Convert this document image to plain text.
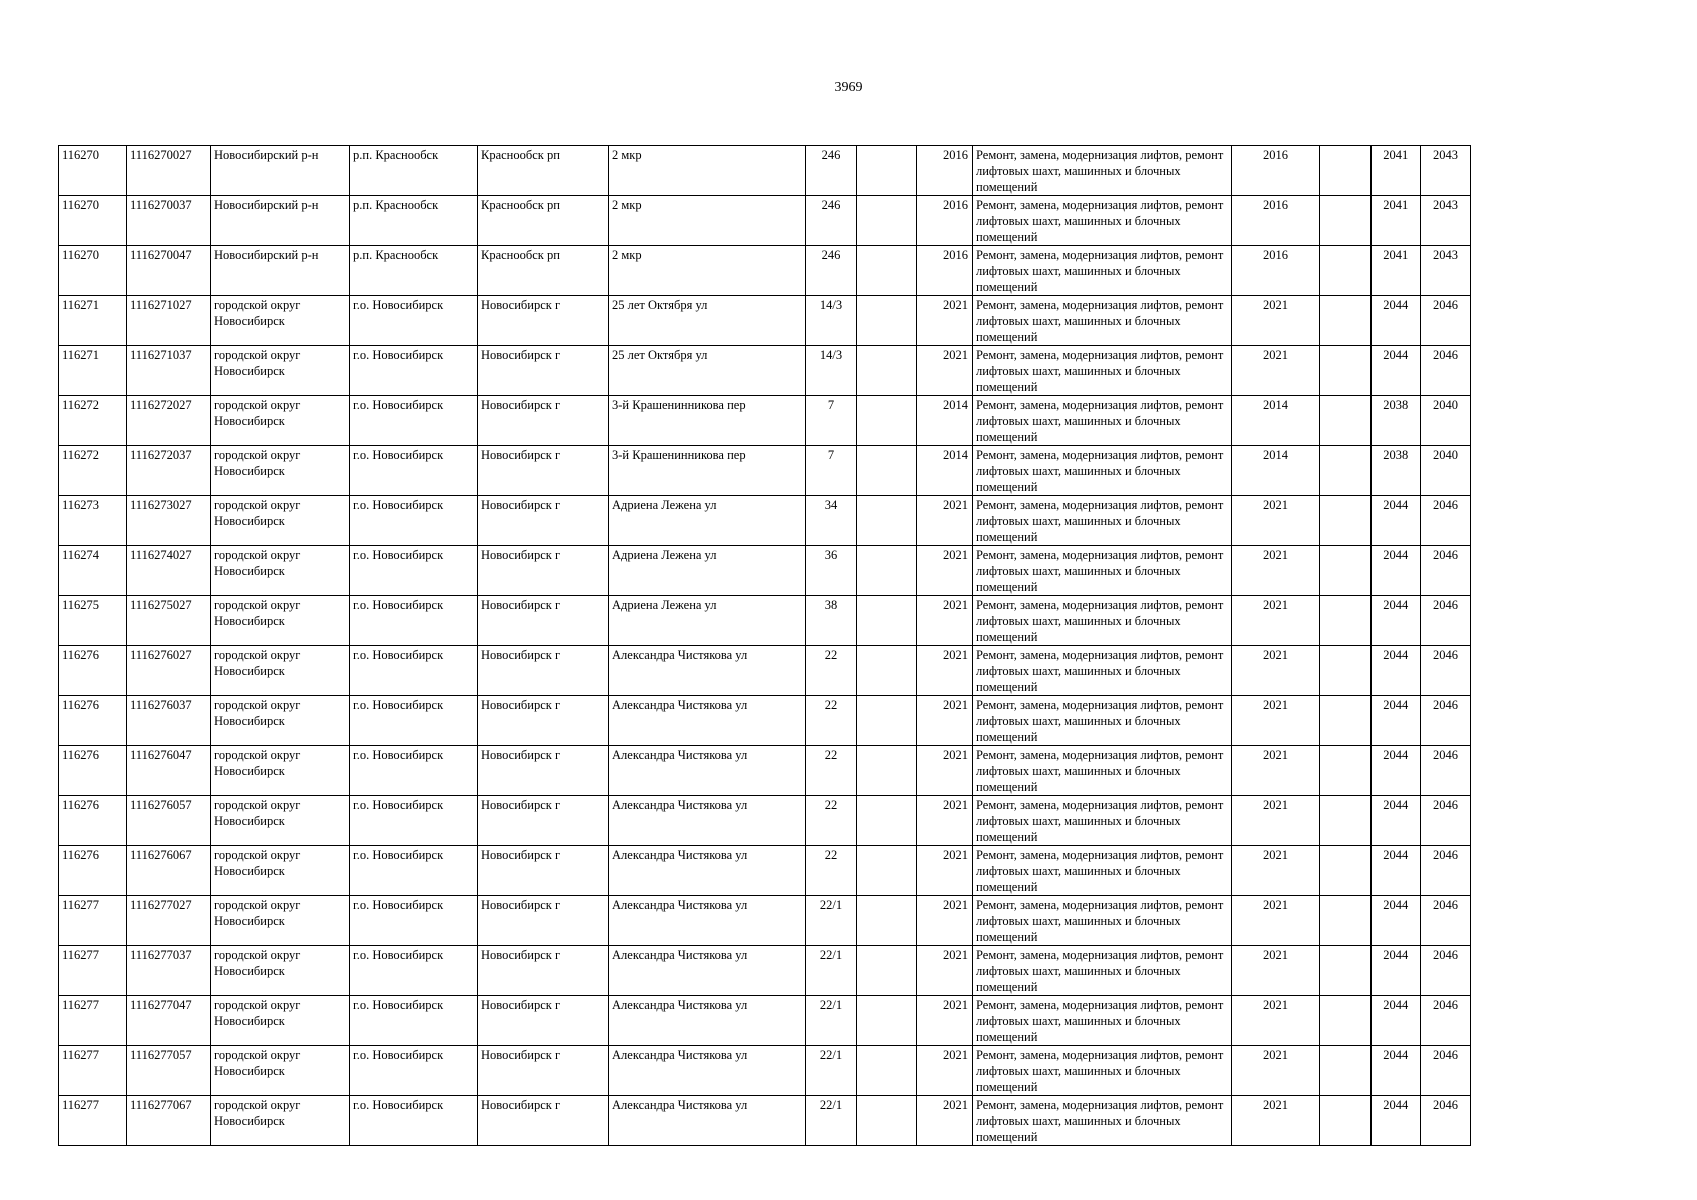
3969
116270	1116270027	Новосибирский р-н	р.п. Краснообск	Краснообск рп	2 мкр	246		2016	Ремонт, замена, модернизация лифтов, ремонт лифтовых шахт, машинных и блочных помещений	2016		2041	2043
116270	1116270037	Новосибирский р-н	р.п. Краснообск	Краснообск рп	2 мкр	246		2016	Ремонт, замена, модернизация лифтов, ремонт лифтовых шахт, машинных и блочных помещений	2016		2041	2043
116270	1116270047	Новосибирский р-н	р.п. Краснообск	Краснообск рп	2 мкр	246		2016	Ремонт, замена, модернизация лифтов, ремонт лифтовых шахт, машинных и блочных помещений	2016		2041	2043
116271	1116271027	городской округ Новосибирск	г.о. Новосибирск	Новосибирск г	25 лет Октября ул	14/3		2021	Ремонт, замена, модернизация лифтов, ремонт лифтовых шахт, машинных и блочных помещений	2021		2044	2046
116271	1116271037	городской округ Новосибирск	г.о. Новосибирск	Новосибирск г	25 лет Октября ул	14/3		2021	Ремонт, замена, модернизация лифтов, ремонт лифтовых шахт, машинных и блочных помещений	2021		2044	2046
116272	1116272027	городской округ Новосибирск	г.о. Новосибирск	Новосибирск г	3-й Крашенинникова пер	7		2014	Ремонт, замена, модернизация лифтов, ремонт лифтовых шахт, машинных и блочных помещений	2014		2038	2040
116272	1116272037	городской округ Новосибирск	г.о. Новосибирск	Новосибирск г	3-й Крашенинникова пер	7		2014	Ремонт, замена, модернизация лифтов, ремонт лифтовых шахт, машинных и блочных помещений	2014		2038	2040
116273	1116273027	городской округ Новосибирск	г.о. Новосибирск	Новосибирск г	Адриена Лежена ул	34		2021	Ремонт, замена, модернизация лифтов, ремонт лифтовых шахт, машинных и блочных помещений	2021		2044	2046
116274	1116274027	городской округ Новосибирск	г.о. Новосибирск	Новосибирск г	Адриена Лежена ул	36		2021	Ремонт, замена, модернизация лифтов, ремонт лифтовых шахт, машинных и блочных помещений	2021		2044	2046
116275	1116275027	городской округ Новосибирск	г.о. Новосибирск	Новосибирск г	Адриена Лежена ул	38		2021	Ремонт, замена, модернизация лифтов, ремонт лифтовых шахт, машинных и блочных помещений	2021		2044	2046
116276	1116276027	городской округ Новосибирск	г.о. Новосибирск	Новосибирск г	Александра Чистякова ул	22		2021	Ремонт, замена, модернизация лифтов, ремонт лифтовых шахт, машинных и блочных помещений	2021		2044	2046
116276	1116276037	городской округ Новосибирск	г.о. Новосибирск	Новосибирск г	Александра Чистякова ул	22		2021	Ремонт, замена, модернизация лифтов, ремонт лифтовых шахт, машинных и блочных помещений	2021		2044	2046
116276	1116276047	городской округ Новосибирск	г.о. Новосибирск	Новосибирск г	Александра Чистякова ул	22		2021	Ремонт, замена, модернизация лифтов, ремонт лифтовых шахт, машинных и блочных помещений	2021		2044	2046
116276	1116276057	городской округ Новосибирск	г.о. Новосибирск	Новосибирск г	Александра Чистякова ул	22		2021	Ремонт, замена, модернизация лифтов, ремонт лифтовых шахт, машинных и блочных помещений	2021		2044	2046
116276	1116276067	городской округ Новосибирск	г.о. Новосибирск	Новосибирск г	Александра Чистякова ул	22		2021	Ремонт, замена, модернизация лифтов, ремонт лифтовых шахт, машинных и блочных помещений	2021		2044	2046
116277	1116277027	городской округ Новосибирск	г.о. Новосибирск	Новосибирск г	Александра Чистякова ул	22/1		2021	Ремонт, замена, модернизация лифтов, ремонт лифтовых шахт, машинных и блочных помещений	2021		2044	2046
116277	1116277037	городской округ Новосибирск	г.о. Новосибирск	Новосибирск г	Александра Чистякова ул	22/1		2021	Ремонт, замена, модернизация лифтов, ремонт лифтовых шахт, машинных и блочных помещений	2021		2044	2046
116277	1116277047	городской округ Новосибирск	г.о. Новосибирск	Новосибирск г	Александра Чистякова ул	22/1		2021	Ремонт, замена, модернизация лифтов, ремонт лифтовых шахт, машинных и блочных помещений	2021		2044	2046
116277	1116277057	городской округ Новосибирск	г.о. Новосибирск	Новосибирск г	Александра Чистякова ул	22/1		2021	Ремонт, замена, модернизация лифтов, ремонт лифтовых шахт, машинных и блочных помещений	2021		2044	2046
116277	1116277067	городской округ Новосибирск	г.о. Новосибирск	Новосибирск г	Александра Чистякова ул	22/1		2021	Ремонт, замена, модернизация лифтов, ремонт лифтовых шахт, машинных и блочных помещений	2021		2044	2046
